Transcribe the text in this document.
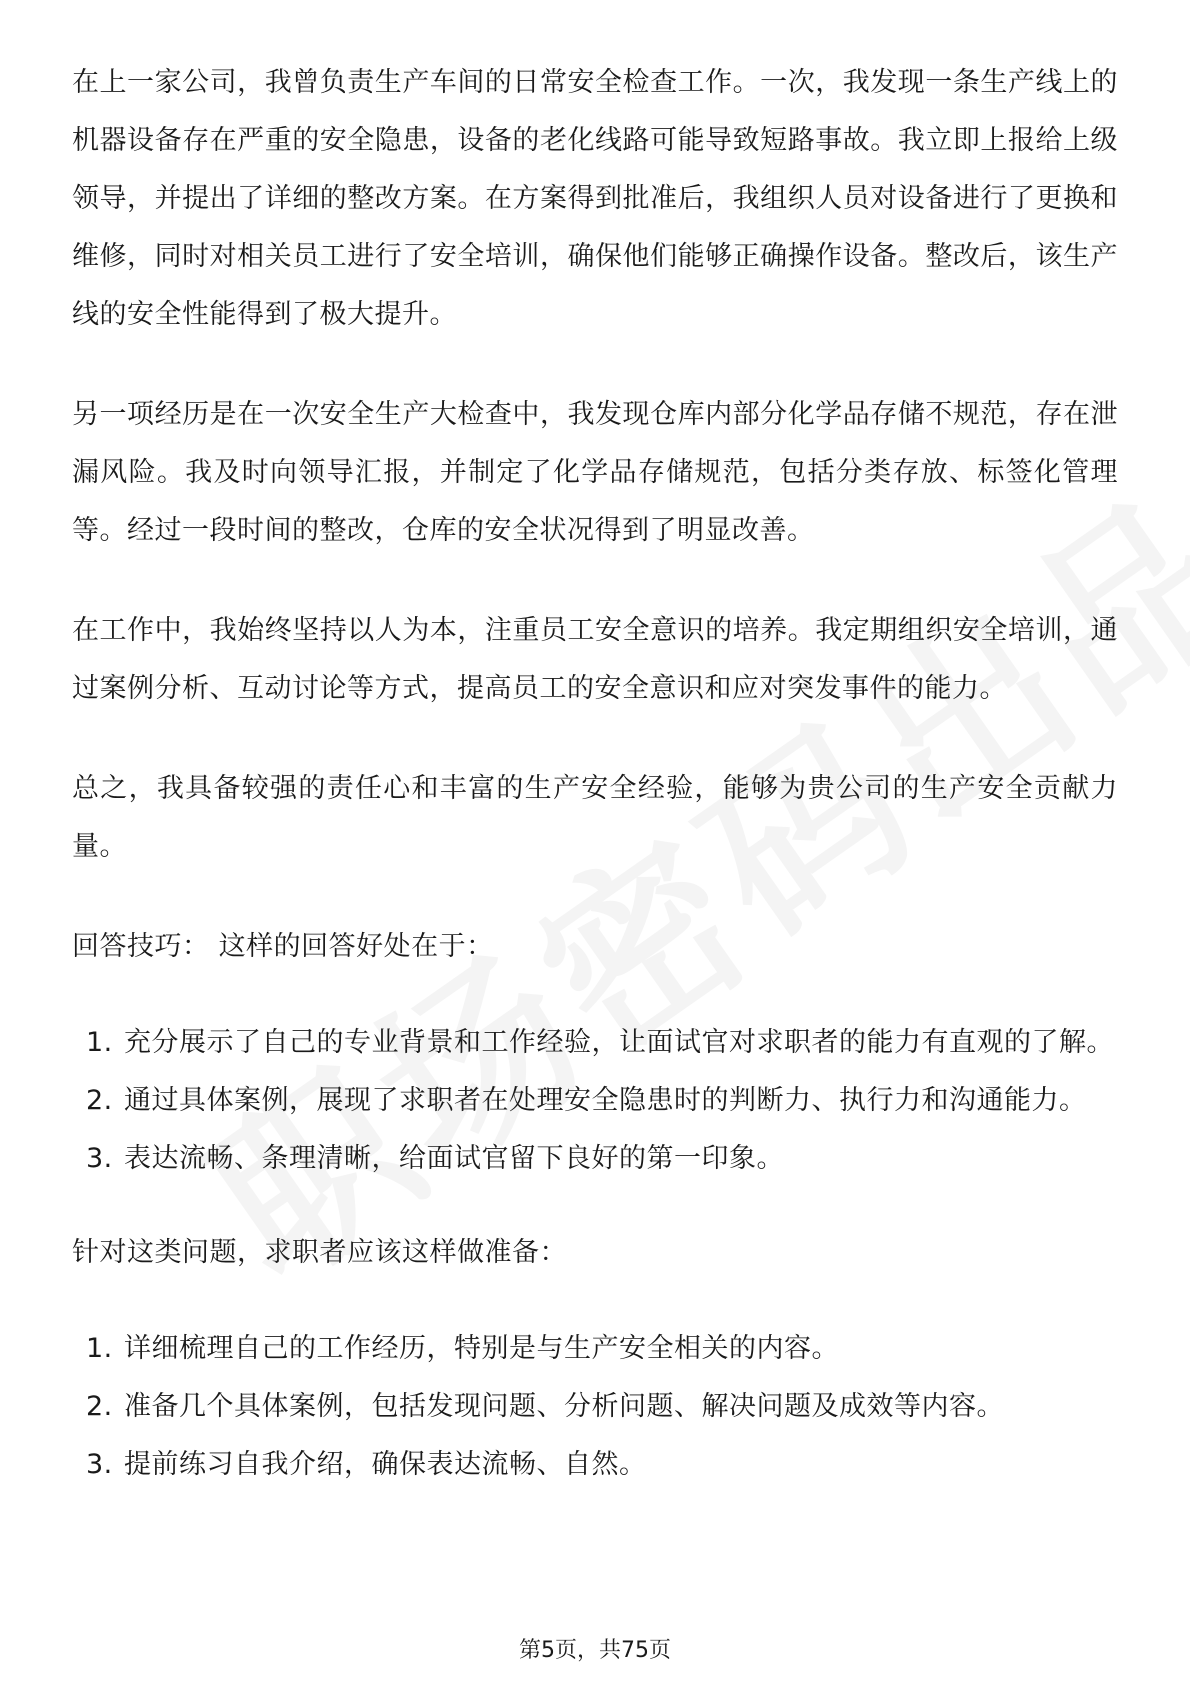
在上一家公司，我曾负责生产车间的日常安全检查工作。一次，我发现一条生产线上的机器设备存在严重的安全隐患，设备的老化线路可能导致短路事故。我立即上报给上级领导，并提出了详细的整改方案。在方案得到批准后，我组织人员对设备进行了更换和维修，同时对相关员工进行了安全培训，确保他们能够正确操作设备。整改后，该生产线的安全性能得到了极大提升。

另一项经历是在一次安全生产大检查中，我发现仓库内部分化学品存储不规范，存在泄漏风险。我及时向领导汇报，并制定了化学品存储规范，包括分类存放、标签化管理等。经过一段时间的整改，仓库的安全状况得到了明显改善。

在工作中，我始终坚持以人为本，注重员工安全意识的培养。我定期组织安全培训，通过案例分析、互动讨论等方式，提高员工的安全意识和应对突发事件的能力。

总之，我具备较强的责任心和丰富的生产安全经验，能够为贵公司的生产安全贡献力量。

回答技巧： 这样的回答好处在于：

1. 充分展示了自己的专业背景和工作经验，让面试官对求职者的能力有直观的了解。
2. 通过具体案例，展现了求职者在处理安全隐患时的判断力、执行力和沟通能力。
3. 表达流畅、条理清晰，给面试官留下良好的第一印象。

针对这类问题，求职者应该这样做准备：

1. 详细梳理自己的工作经历，特别是与生产安全相关的内容。
2. 准备几个具体案例，包括发现问题、分析问题、解决问题及成效等内容。
3. 提前练习自我介绍，确保表达流畅、自然。
第5页，共75页
